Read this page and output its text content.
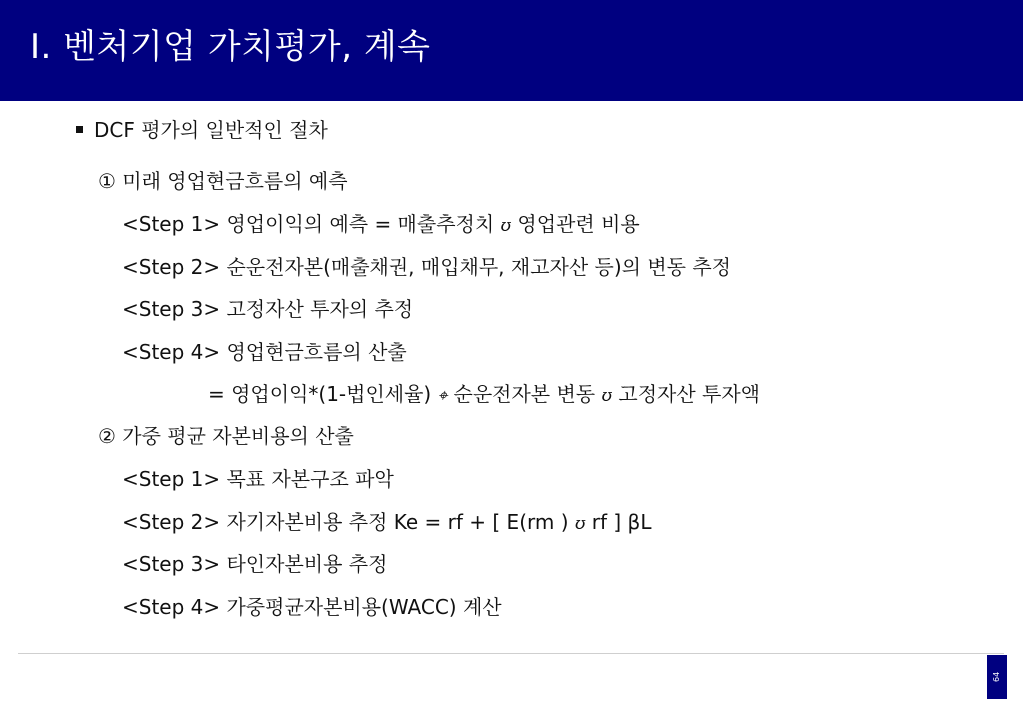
Ⅰ. 벤처기업 가치평가, 계속
DCF 평가의 일반적인 절차
① 미래 영업현금흐름의 예측
<Step 1> 영업이익의 예측 = 매출추정치 ʊ 영업관련 비용
<Step 2> 순운전자본(매출채권, 매입채무, 재고자산 등)의 변동 추정
<Step 3> 고정자산 투자의 추정
<Step 4> 영업현금흐름의 산출
= 영업이익*(1-법인세율) ⌖ 순운전자본 변동 ʊ 고정자산 투자액
② 가중 평균 자본비용의 산출
<Step 1> 목표 자본구조 파악
<Step 2> 자기자본비용 추정 Ke = rf + [ E(rm ) ʊ rf ] βL
<Step 3> 타인자본비용 추정
<Step 4> 가중평균자본비용(WACC) 계산
64
